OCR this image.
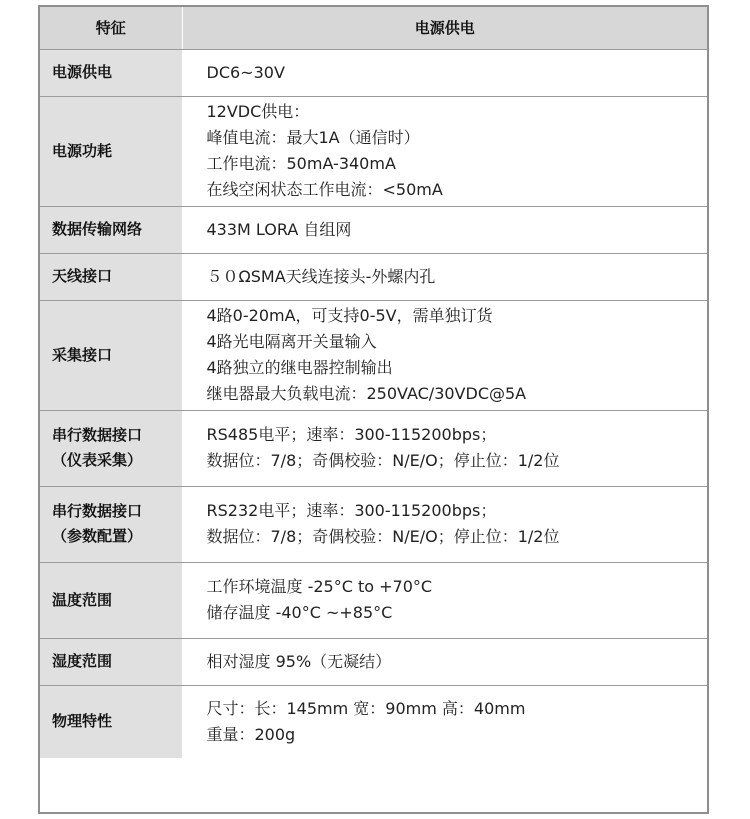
特征	电源供电

电源供电	DC6~30V

电源功耗	12VDC供电：
峰值电流：最大1A（通信时）
工作电流：50mA-340mA
在线空闲状态工作电流：<50mA

数据传输网络	433M LORA 自组网

天线接口	５０ΩSMA天线连接头-外螺内孔

采集接口	4路0-20mA，可支持0-5V，需单独订货
4路光电隔离开关量输入
4路独立的继电器控制输出
继电器最大负载电流：250VAC/30VDC@5A

串行数据接口
（仪表采集）	RS485电平；速率：300-115200bps；
数据位：7/8；奇偶校验：N/E/O；停止位：1/2位

串行数据接口
（参数配置）	RS232电平；速率：300-115200bps；
数据位：7/8；奇偶校验：N/E/O；停止位：1/2位

温度范围	工作环境温度 -25°C to +70°C
储存温度 -40°C ~+85°C

湿度范围	相对湿度 95%（无凝结）

物理特性	尺寸：长：145mm 宽：90mm 高：40mm
重量：200g
